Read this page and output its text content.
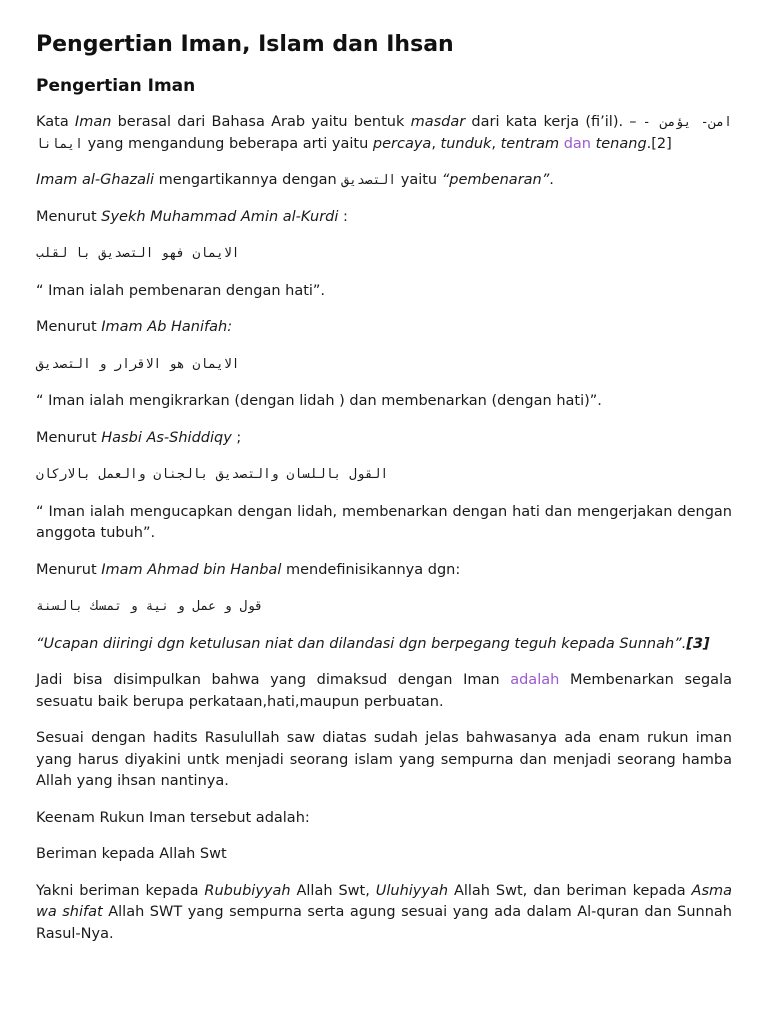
Pengertian Iman, Islam dan Ihsan
Pengertian Iman

Kata Iman berasal dari Bahasa Arab yaitu bentuk masdar dari kata kerja (fi’il). – امن- يؤمن - ايمانا yang mengandung beberapa arti yaitu percaya, tunduk, tentram dan tenang.[2]

Imam al-Ghazali mengartikannya dengan التصديق yaitu “pembenaran”.

Menurut Syekh Muhammad Amin al-Kurdi :

الايمان فهو التصديق با لقلب

“ Iman ialah pembenaran dengan hati”.

Menurut Imam Ab Hanifah:

الايمان هو الاقرار و التصديق

“ Iman ialah mengikrarkan (dengan lidah ) dan membenarkan (dengan hati)”.

Menurut Hasbi As-Shiddiqy ;

القول باللسان والتصديق بالجنان والعمل بالاركان

“ Iman ialah mengucapkan dengan lidah, membenarkan dengan hati dan mengerjakan dengan anggota tubuh”.

Menurut Imam Ahmad bin Hanbal mendefinisikannya dgn:

قول و عمل و نية و تمسك بالسنة

“Ucapan diiringi dgn ketulusan niat dan dilandasi dgn berpegang teguh kepada Sunnah”.[3]

Jadi bisa disimpulkan bahwa yang dimaksud dengan Iman adalah Membenarkan segala sesuatu baik berupa perkataan,hati,maupun perbuatan.

Sesuai dengan hadits Rasulullah saw diatas sudah jelas bahwasanya ada enam rukun iman yang harus diyakini untk menjadi seorang islam yang sempurna dan menjadi seorang hamba Allah yang ihsan nantinya.

Keenam Rukun Iman tersebut adalah:

Beriman kepada Allah Swt

Yakni beriman kepada Rububiyyah Allah Swt, Uluhiyyah Allah Swt, dan beriman kepada Asma wa shifat Allah SWT yang sempurna serta agung sesuai yang ada dalam Al-quran dan Sunnah Rasul-Nya.
